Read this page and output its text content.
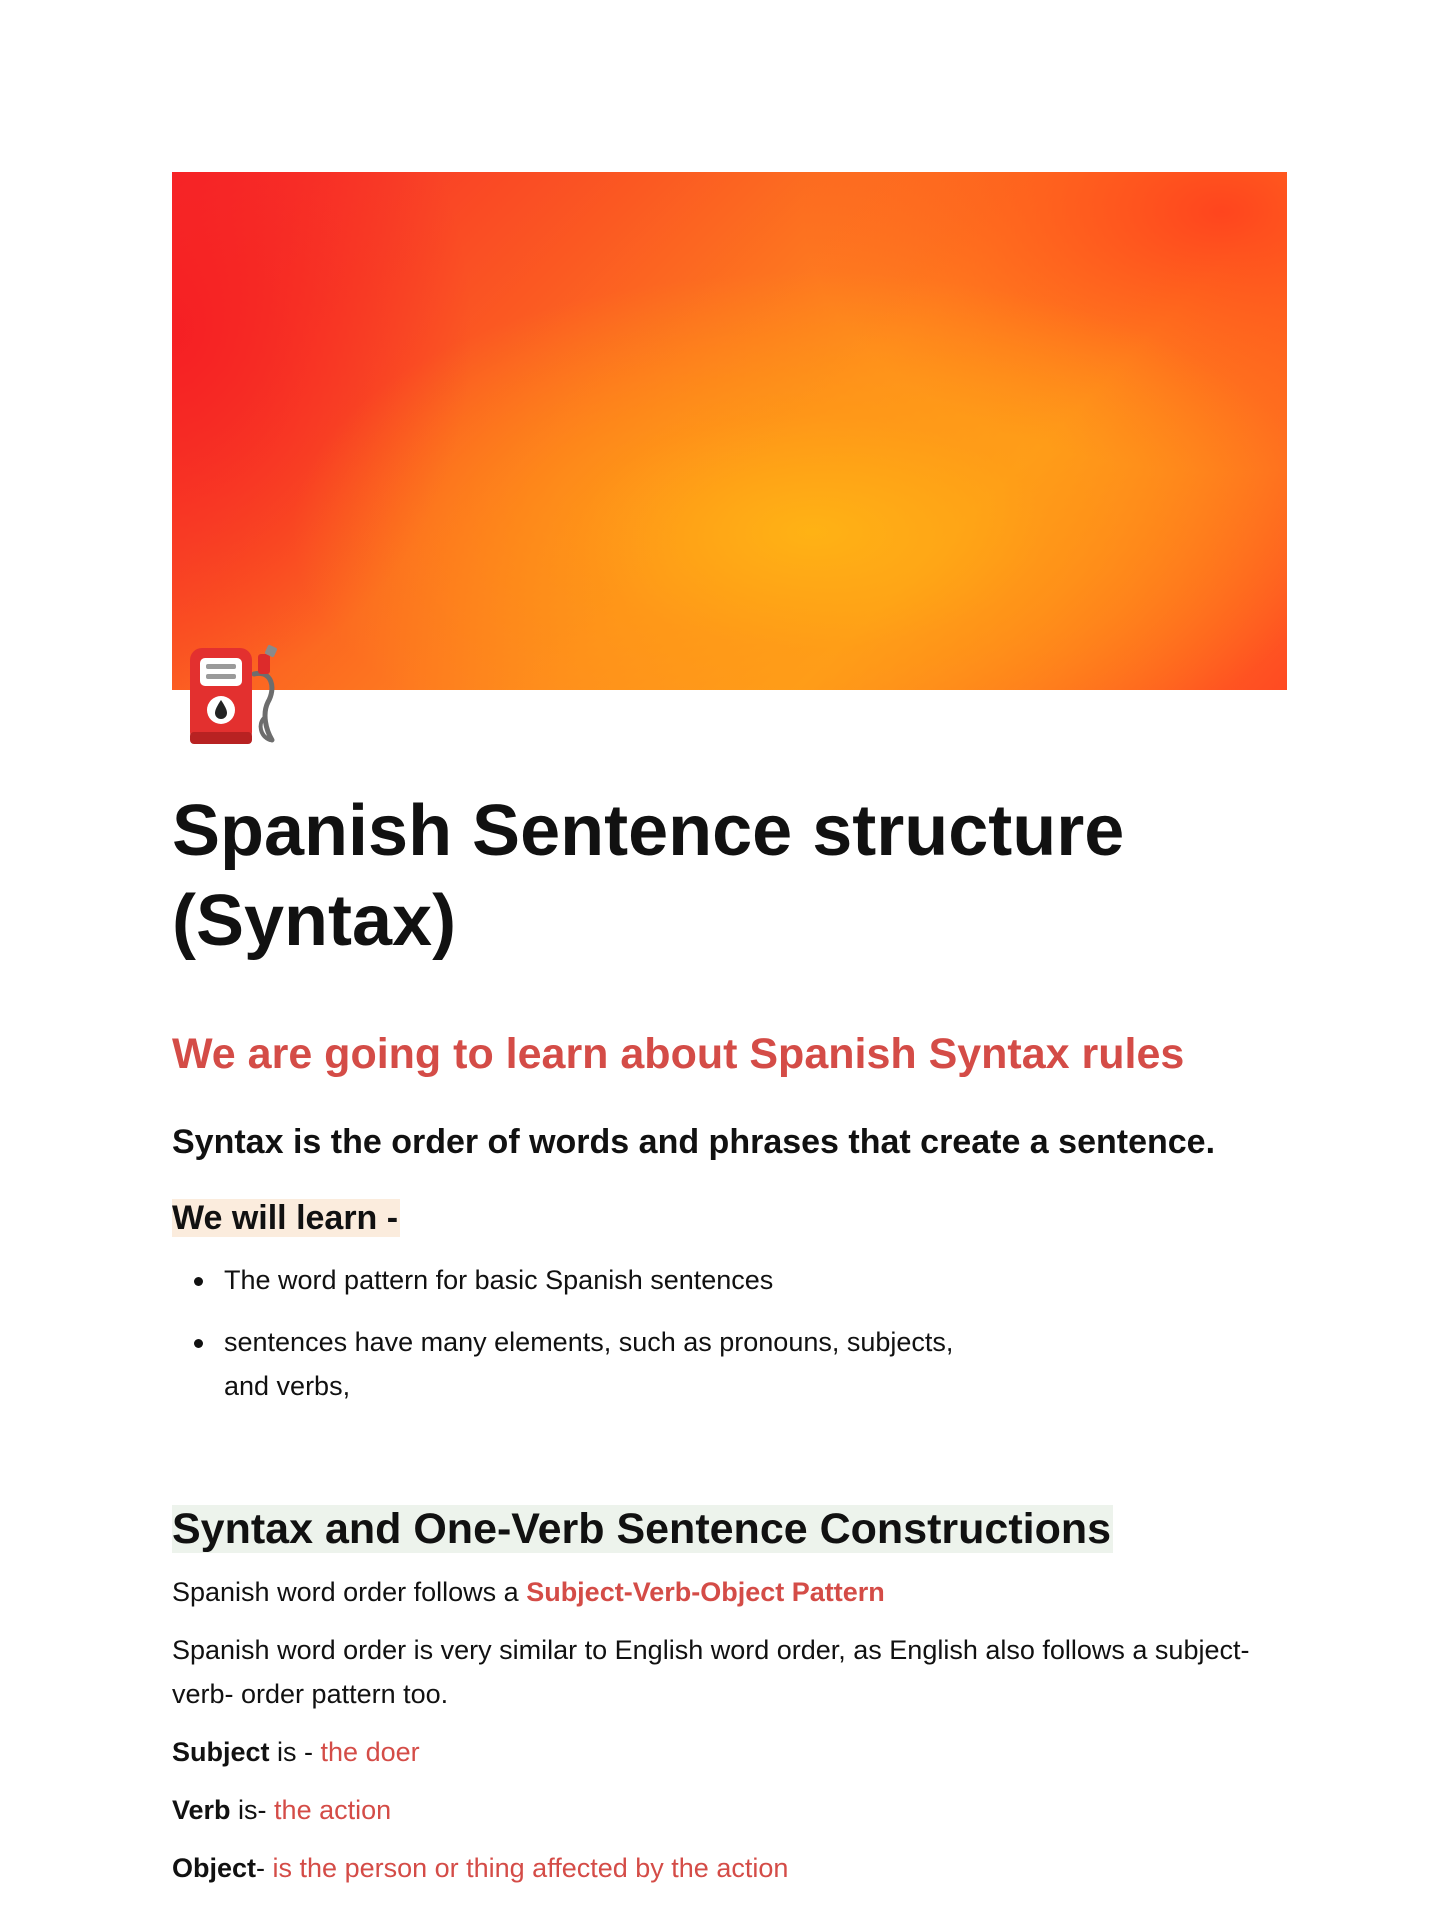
Spanish Sentence structure (Syntax)
We are going to learn about Spanish Syntax rules
Syntax is the order of words and phrases that create a sentence.
We will learn -
The word pattern for basic Spanish sentences
sentences have many elements, such as pronouns, subjects, and verbs,
Syntax and One-Verb Sentence Constructions

Spanish word order follows a Subject-Verb-Object Pattern

Spanish word order is very similar to English word order, as English also follows a subject- verb- order pattern too.

Subject is - the doer

Verb is- the action

Object- is the person or thing affected by the action
